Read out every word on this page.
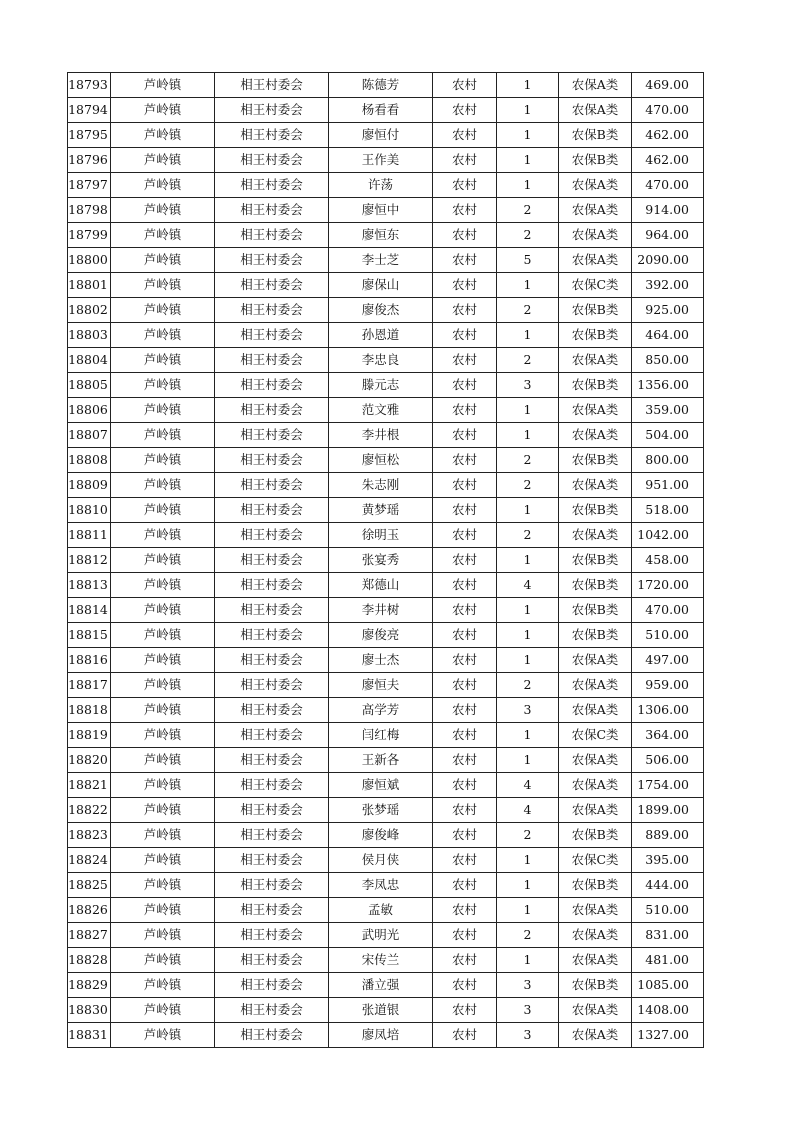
18793	芦岭镇	相王村委会	陈德芳	农村	1	农保A类	469.00
18794	芦岭镇	相王村委会	杨看看	农村	1	农保A类	470.00
18795	芦岭镇	相王村委会	廖恒付	农村	1	农保B类	462.00
18796	芦岭镇	相王村委会	王作美	农村	1	农保B类	462.00
18797	芦岭镇	相王村委会	许荡	农村	1	农保A类	470.00
18798	芦岭镇	相王村委会	廖恒中	农村	2	农保A类	914.00
18799	芦岭镇	相王村委会	廖恒东	农村	2	农保A类	964.00
18800	芦岭镇	相王村委会	李士芝	农村	5	农保A类	2090.00
18801	芦岭镇	相王村委会	廖保山	农村	1	农保C类	392.00
18802	芦岭镇	相王村委会	廖俊杰	农村	2	农保B类	925.00
18803	芦岭镇	相王村委会	孙恩道	农村	1	农保B类	464.00
18804	芦岭镇	相王村委会	李忠良	农村	2	农保A类	850.00
18805	芦岭镇	相王村委会	滕元志	农村	3	农保B类	1356.00
18806	芦岭镇	相王村委会	范文雅	农村	1	农保A类	359.00
18807	芦岭镇	相王村委会	李井根	农村	1	农保A类	504.00
18808	芦岭镇	相王村委会	廖恒松	农村	2	农保B类	800.00
18809	芦岭镇	相王村委会	朱志刚	农村	2	农保A类	951.00
18810	芦岭镇	相王村委会	黄梦瑶	农村	1	农保B类	518.00
18811	芦岭镇	相王村委会	徐明玉	农村	2	农保A类	1042.00
18812	芦岭镇	相王村委会	张宴秀	农村	1	农保B类	458.00
18813	芦岭镇	相王村委会	郑德山	农村	4	农保B类	1720.00
18814	芦岭镇	相王村委会	李井树	农村	1	农保B类	470.00
18815	芦岭镇	相王村委会	廖俊亮	农村	1	农保B类	510.00
18816	芦岭镇	相王村委会	廖士杰	农村	1	农保A类	497.00
18817	芦岭镇	相王村委会	廖恒夫	农村	2	农保A类	959.00
18818	芦岭镇	相王村委会	高学芳	农村	3	农保A类	1306.00
18819	芦岭镇	相王村委会	闫红梅	农村	1	农保C类	364.00
18820	芦岭镇	相王村委会	王新各	农村	1	农保A类	506.00
18821	芦岭镇	相王村委会	廖恒斌	农村	4	农保A类	1754.00
18822	芦岭镇	相王村委会	张梦瑶	农村	4	农保A类	1899.00
18823	芦岭镇	相王村委会	廖俊峰	农村	2	农保B类	889.00
18824	芦岭镇	相王村委会	侯月侠	农村	1	农保C类	395.00
18825	芦岭镇	相王村委会	李凤忠	农村	1	农保B类	444.00
18826	芦岭镇	相王村委会	孟敏	农村	1	农保A类	510.00
18827	芦岭镇	相王村委会	武明光	农村	2	农保A类	831.00
18828	芦岭镇	相王村委会	宋传兰	农村	1	农保A类	481.00
18829	芦岭镇	相王村委会	潘立强	农村	3	农保B类	1085.00
18830	芦岭镇	相王村委会	张道银	农村	3	农保A类	1408.00
18831	芦岭镇	相王村委会	廖凤培	农村	3	农保A类	1327.00
